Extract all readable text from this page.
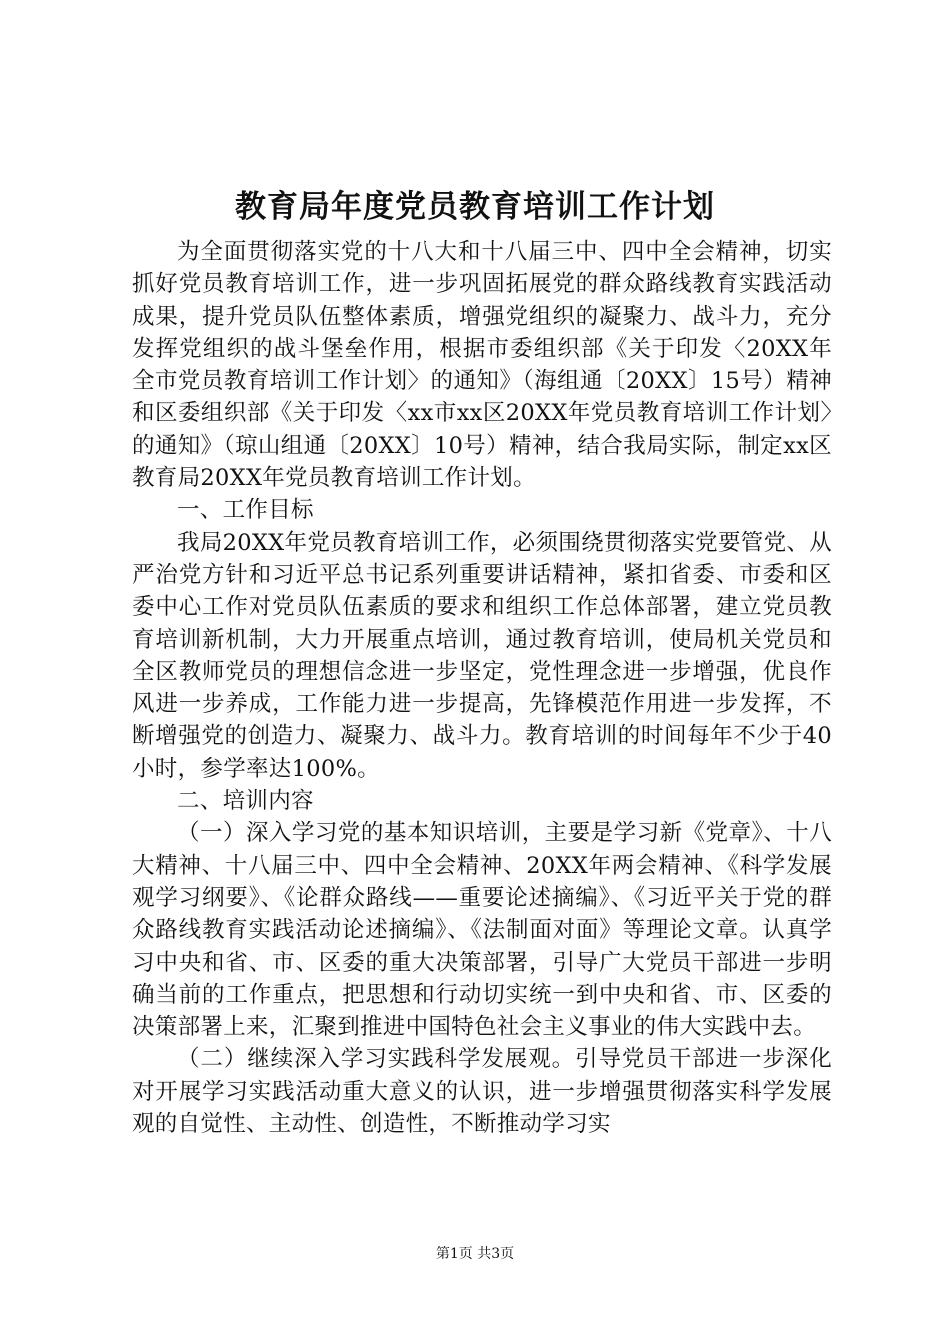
教育局年度党员教育培训工作计划

为全面贯彻落实党的十八大和十八届三中、四中全会精神，切实抓好党员教育培训工作，进一步巩固拓展党的群众路线教育实践活动成果，提升党员队伍整体素质，增强党组织的凝聚力、战斗力，充分发挥党组织的战斗堡垒作用，根据市委组织部《关于印发〈20XX年全市党员教育培训工作计划〉的通知》（海组通〔20XX〕15号）精神和区委组织部《关于印发〈xx市xx区20XX年党员教育培训工作计划〉的通知》（琼山组通〔20XX〕10号）精神，结合我局实际，制定xx区教育局20XX年党员教育培训工作计划。

一、工作目标

我局20XX年党员教育培训工作，必须围绕贯彻落实党要管党、从严治党方针和习近平总书记系列重要讲话精神，紧扣省委、市委和区委中心工作对党员队伍素质的要求和组织工作总体部署，建立党员教育培训新机制，大力开展重点培训，通过教育培训，使局机关党员和全区教师党员的理想信念进一步坚定，党性理念进一步增强，优良作风进一步养成，工作能力进一步提高，先锋模范作用进一步发挥，不断增强党的创造力、凝聚力、战斗力。教育培训的时间每年不少于40小时，参学率达100%。

二、培训内容

（一）深入学习党的基本知识培训，主要是学习新《党章》、十八大精神、十八届三中、四中全会精神、20XX年两会精神、《科学发展观学习纲要》、《论群众路线——重要论述摘编》、《习近平关于党的群众路线教育实践活动论述摘编》、《法制面对面》等理论文章。认真学习中央和省、市、区委的重大决策部署，引导广大党员干部进一步明确当前的工作重点，把思想和行动切实统一到中央和省、市、区委的决策部署上来，汇聚到推进中国特色社会主义事业的伟大实践中去。

（二）继续深入学习实践科学发展观。引导党员干部进一步深化对开展学习实践活动重大意义的认识，进一步增强贯彻落实科学发展观的自觉性、主动性、创造性，不断推动学习实

第1页 共3页
